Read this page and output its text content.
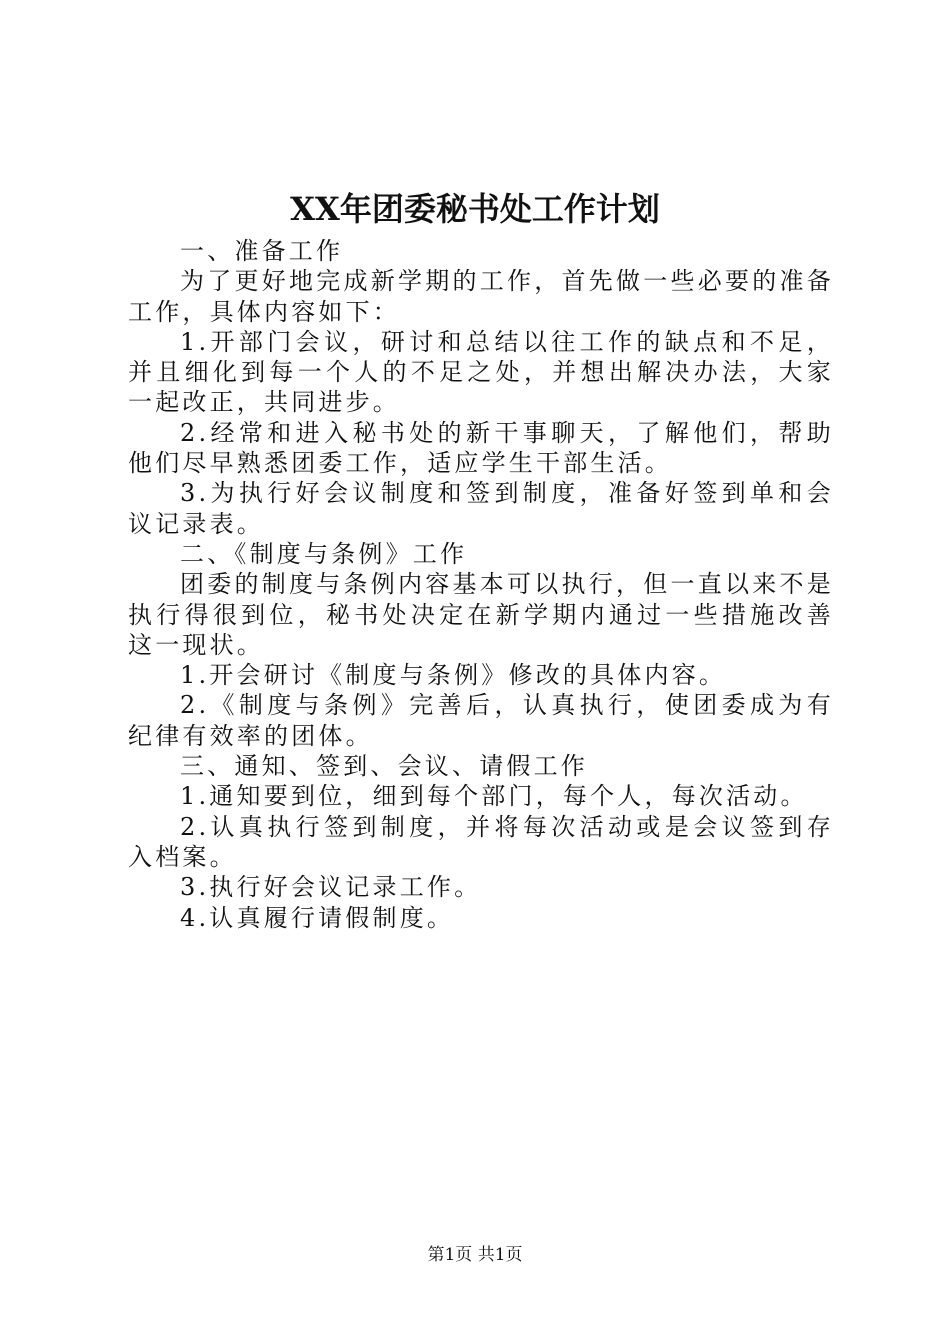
XX年团委秘书处工作计划

一、准备工作

为了更好地完成新学期的工作，首先做一些必要的准备工作，具体内容如下：

1.开部门会议，研讨和总结以往工作的缺点和不足，并且细化到每一个人的不足之处，并想出解决办法，大家一起改正，共同进步。

2.经常和进入秘书处的新干事聊天，了解他们，帮助他们尽早熟悉团委工作，适应学生干部生活。

3.为执行好会议制度和签到制度，准备好签到单和会议记录表。

二、《制度与条例》工作

团委的制度与条例内容基本可以执行，但一直以来不是执行得很到位，秘书处决定在新学期内通过一些措施改善这一现状。

1.开会研讨《制度与条例》修改的具体内容。

2.《制度与条例》完善后，认真执行，使团委成为有纪律有效率的团体。

三、通知、签到、会议、请假工作

1.通知要到位，细到每个部门，每个人，每次活动。

2.认真执行签到制度，并将每次活动或是会议签到存入档案。

3.执行好会议记录工作。

4.认真履行请假制度。

第1页 共1页
